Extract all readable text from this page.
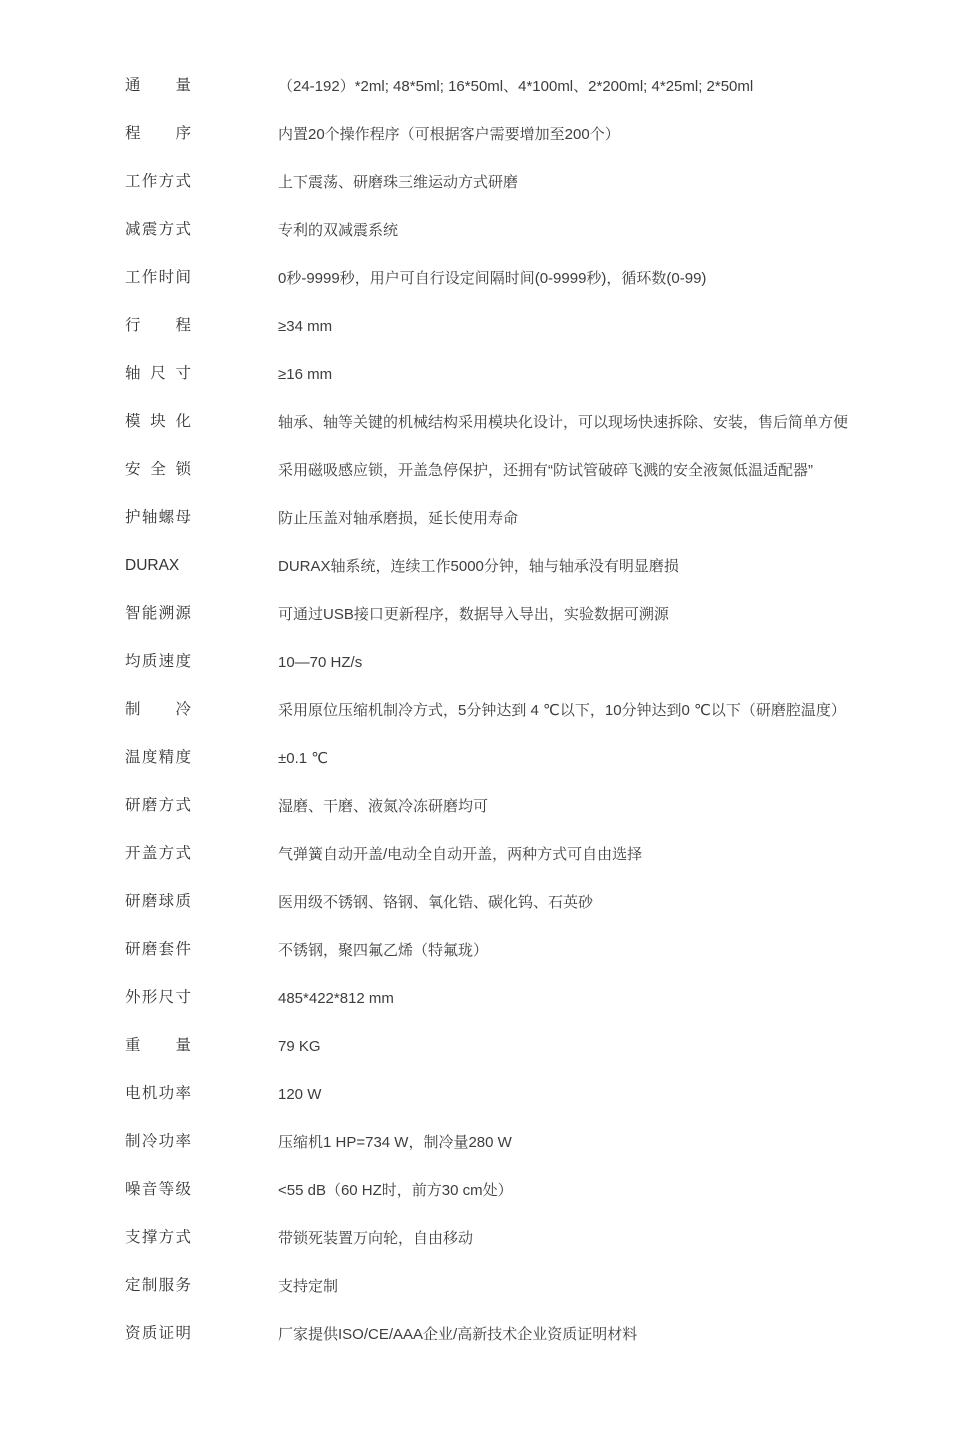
通量	（24-192）*2ml; 48*5ml; 16*50ml、4*100ml、2*200ml; 4*25ml; 2*50ml
程序	内置20个操作程序（可根据客户需要增加至200个）
工作方式	上下震荡、研磨珠三维运动方式研磨
减震方式	专利的双减震系统
工作时间	0秒-9999秒，用户可自行设定间隔时间(0-9999秒)，循环数(0-99)
行程	≥34 mm
轴尺寸	≥16 mm
模块化	轴承、轴等关键的机械结构采用模块化设计，可以现场快速拆除、安装，售后简单方便
安全锁	采用磁吸感应锁，开盖急停保护，还拥有“防试管破碎飞溅的安全液氮低温适配器”
护轴螺母	防止压盖对轴承磨损，延长使用寿命
DURAX	DURAX轴系统，连续工作5000分钟，轴与轴承没有明显磨损
智能溯源	可通过USB接口更新程序，数据导入导出，实验数据可溯源
均质速度	10—70 HZ/s
制冷	采用原位压缩机制冷方式，5分钟达到 4 ℃以下，10分钟达到0 ℃以下（研磨腔温度）
温度精度	±0.1 ℃
研磨方式	湿磨、干磨、液氮冷冻研磨均可
开盖方式	气弹簧自动开盖/电动全自动开盖，两种方式可自由选择
研磨球质	医用级不锈钢、铬钢、氧化锆、碳化钨、石英砂
研磨套件	不锈钢，聚四氟乙烯（特氟珑）
外形尺寸	485*422*812 mm
重量	79 KG
电机功率	120 W
制冷功率	压缩机1 HP=734 W，制冷量280 W
噪音等级	<55 dB（60 HZ时，前方30 cm处）
支撑方式	带锁死装置万向轮，自由移动
定制服务	支持定制
资质证明	厂家提供ISO/CE/AAA企业/高新技术企业资质证明材料
